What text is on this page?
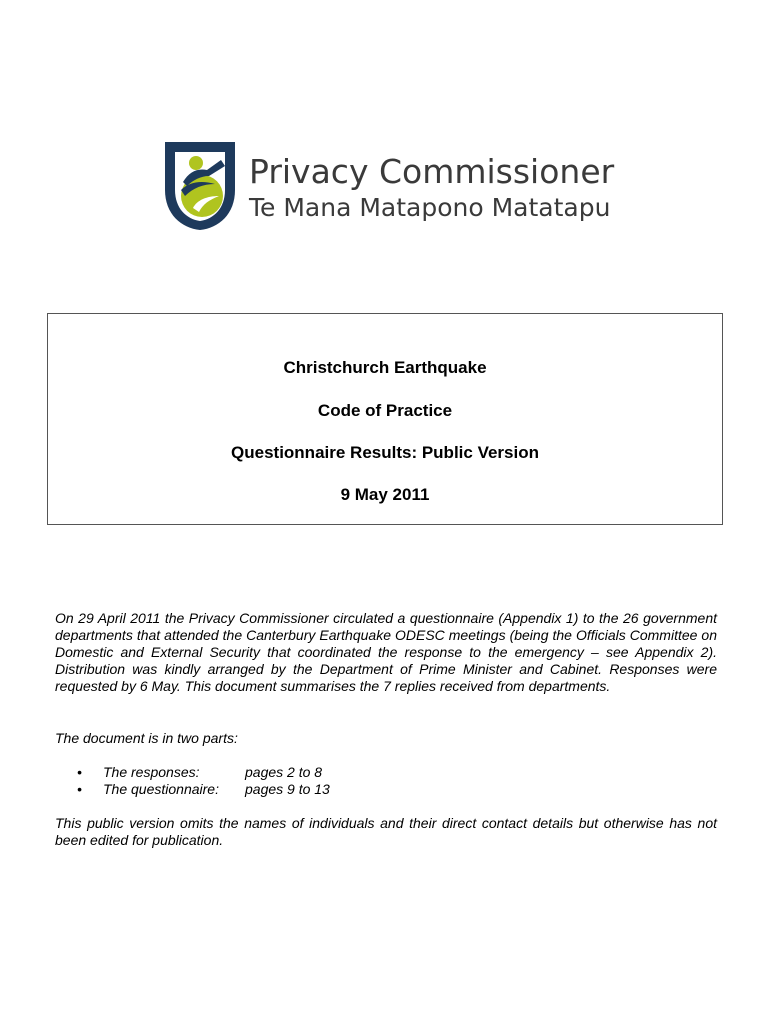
Privacy Commissioner
Te Mana Matapono Matatapu
Christchurch Earthquake
Code of Practice
Questionnaire Results: Public Version
9 May 2011
On 29 April 2011 the Privacy Commissioner circulated a questionnaire (Appendix 1) to the 26 government departments that attended the Canterbury Earthquake ODESC meetings (being the Officials Committee on Domestic and External Security that coordinated the response to the emergency – see Appendix 2). Distribution was kindly arranged by the Department of Prime Minister and Cabinet. Responses were requested by 6 May. This document summarises the 7 replies received from departments.
The document is in two parts:
• The responses:	pages 2 to 8
• The questionnaire: pages 9 to 13
This public version omits the names of individuals and their direct contact details but otherwise has not been edited for publication.
